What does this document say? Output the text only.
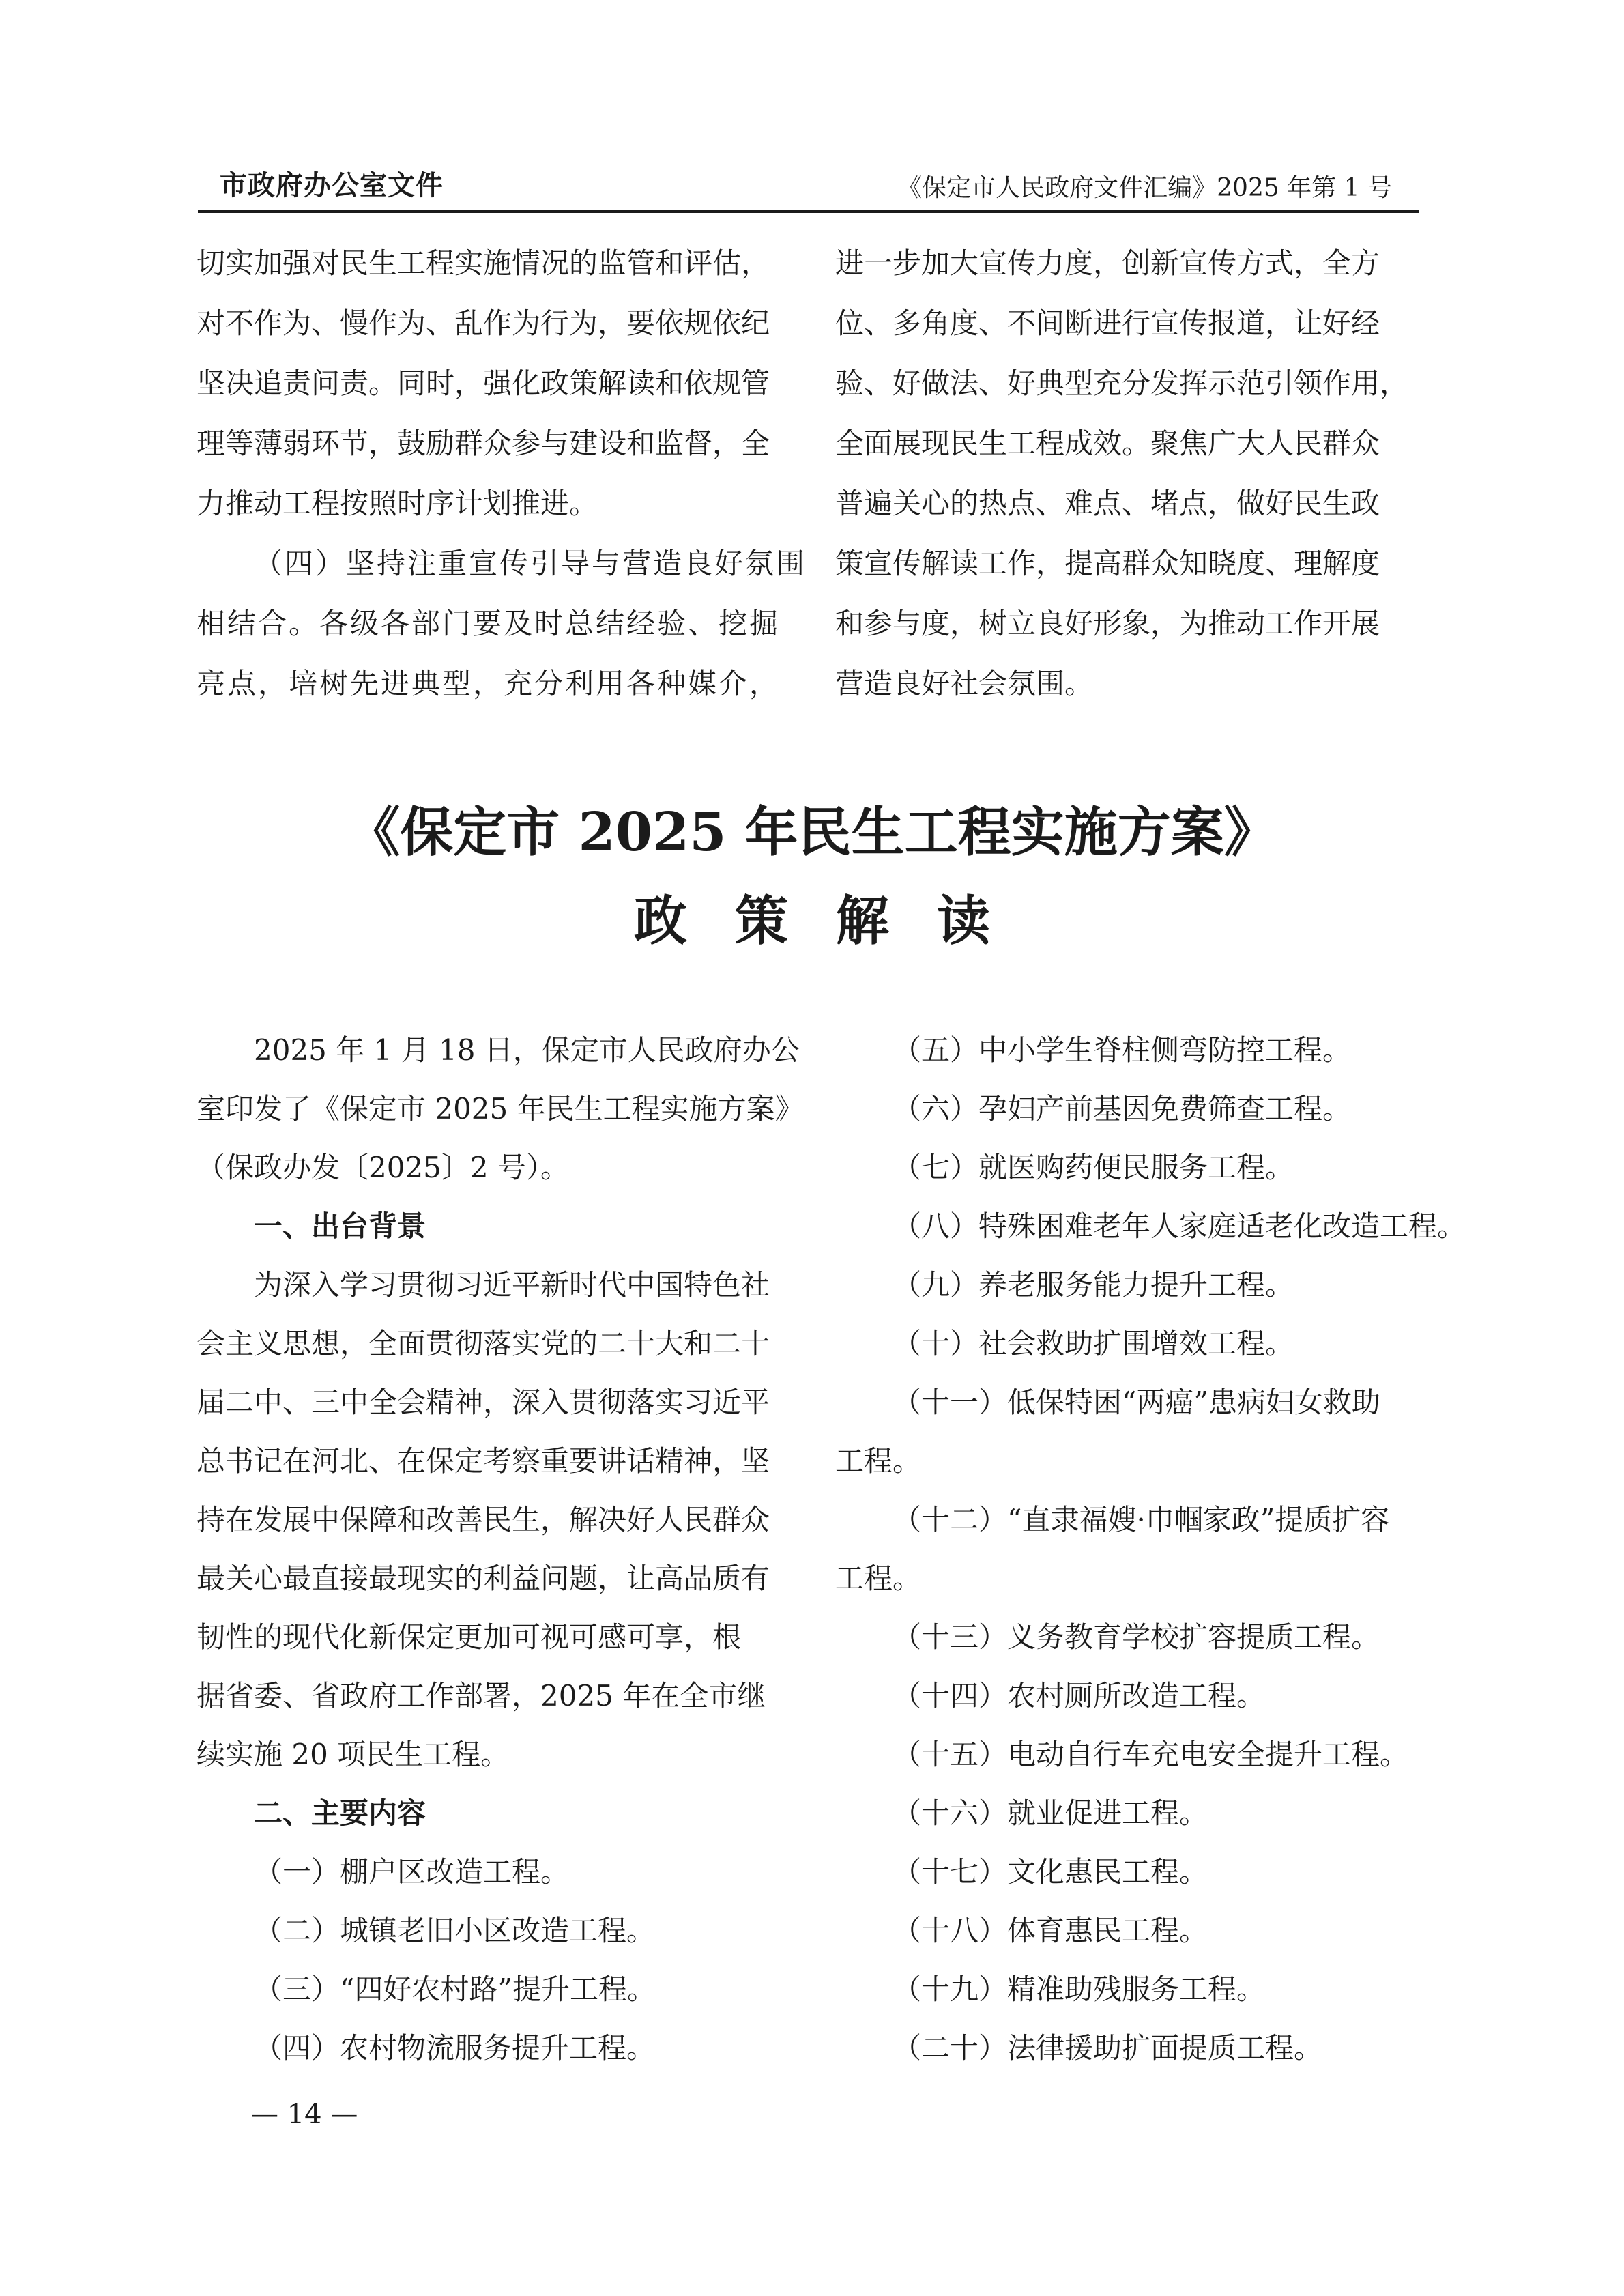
市政府办公室文件	《保定市人民政府文件汇编》2025 年第 1 号

切实加强对民生工程实施情况的监管和评估，

对不作为、慢作为、乱作为行为，要依规依纪

坚决追责问责。同时，强化政策解读和依规管

理等薄弱环节，鼓励群众参与建设和监督，全

力推动工程按照时序计划推进。

（四）坚持注重宣传引导与营造良好氛围

相结合。各级各部门要及时总结经验、挖掘

亮点，培树先进典型，充分利用各种媒介，

进一步加大宣传力度，创新宣传方式，全方

位、多角度、不间断进行宣传报道，让好经

验、好做法、好典型充分发挥示范引领作用，

全面展现民生工程成效。聚焦广大人民群众

普遍关心的热点、难点、堵点，做好民生政

策宣传解读工作，提高群众知晓度、理解度

和参与度，树立良好形象，为推动工作开展

营造良好社会氛围。

《保定市 2025 年民生工程实施方案》
政策解读

2025 年 1 月 18 日，保定市人民政府办公

室印发了《保定市 2025 年民生工程实施方案》

（保政办发〔2025〕2 号）。

一、出台背景

为深入学习贯彻习近平新时代中国特色社

会主义思想，全面贯彻落实党的二十大和二十

届二中、三中全会精神，深入贯彻落实习近平

总书记在河北、在保定考察重要讲话精神，坚

持在发展中保障和改善民生，解决好人民群众

最关心最直接最现实的利益问题，让高品质有

韧性的现代化新保定更加可视可感可享，根

据省委、省政府工作部署，2025 年在全市继

续实施 20 项民生工程。

二、主要内容

（一）棚户区改造工程。

（二）城镇老旧小区改造工程。

（三）“四好农村路”提升工程。

（四）农村物流服务提升工程。

（五）中小学生脊柱侧弯防控工程。

（六）孕妇产前基因免费筛查工程。

（七）就医购药便民服务工程。

（八）特殊困难老年人家庭适老化改造工程。

（九）养老服务能力提升工程。

（十）社会救助扩围增效工程。

（十一）低保特困“两癌”患病妇女救助

工程。

（十二）“直隶福嫂·巾帼家政”提质扩容

工程。

（十三）义务教育学校扩容提质工程。

（十四）农村厕所改造工程。

（十五）电动自行车充电安全提升工程。

（十六）就业促进工程。

（十七）文化惠民工程。

（十八）体育惠民工程。

（十九）精准助残服务工程。

（二十）法律援助扩面提质工程。

— 14 —
